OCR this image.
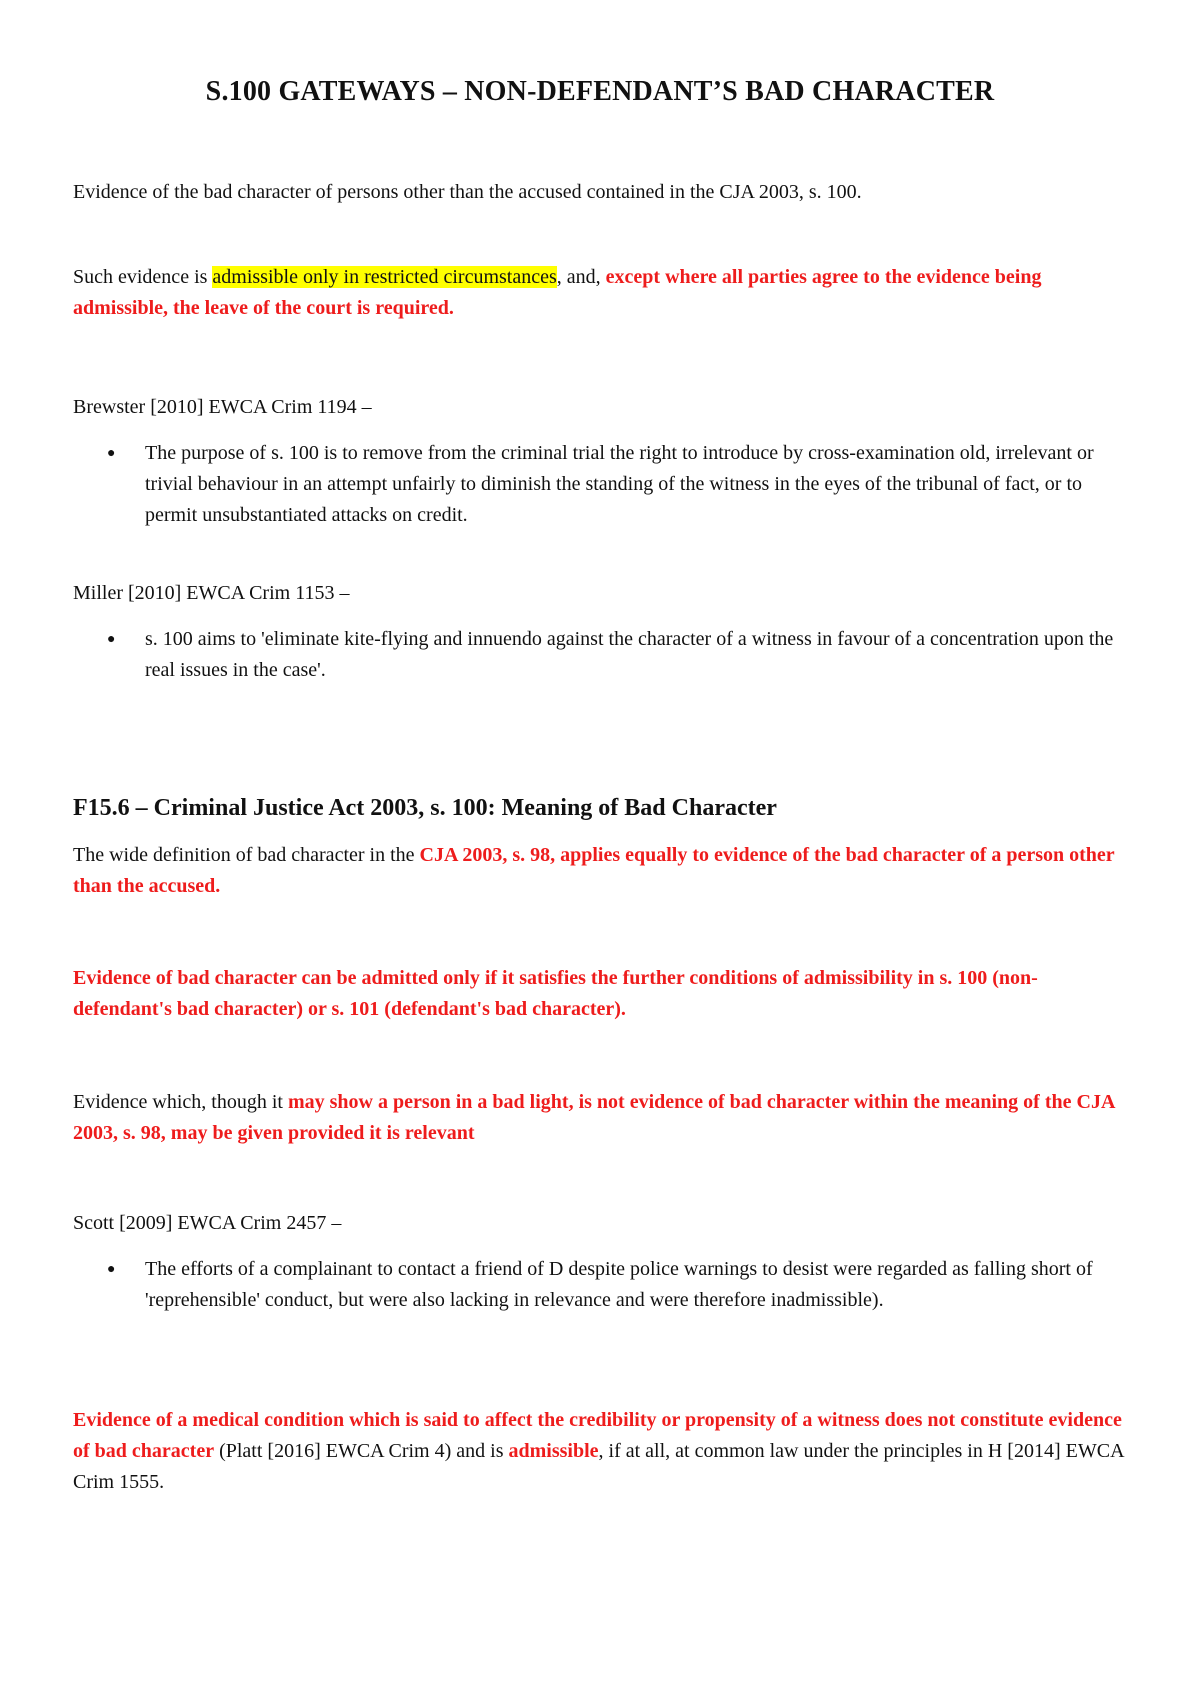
S.100 GATEWAYS – NON-DEFENDANT’S BAD CHARACTER
Evidence of the bad character of persons other than the accused contained in the CJA 2003, s. 100.
Such evidence is admissible only in restricted circumstances, and, except where all parties agree to the evidence being admissible, the leave of the court is required.
Brewster [2010] EWCA Crim 1194 –
● The purpose of s. 100 is to remove from the criminal trial the right to introduce by cross-examination old, irrelevant or trivial behaviour in an attempt unfairly to diminish the standing of the witness in the eyes of the tribunal of fact, or to permit unsubstantiated attacks on credit.
Miller [2010] EWCA Crim 1153 –
● s. 100 aims to 'eliminate kite-flying and innuendo against the character of a witness in favour of a concentration upon the real issues in the case'.
F15.6 – Criminal Justice Act 2003, s. 100: Meaning of Bad Character
The wide definition of bad character in the CJA 2003, s. 98, applies equally to evidence of the bad character of a person other than the accused.
Evidence of bad character can be admitted only if it satisfies the further conditions of admissibility in s. 100 (non-defendant's bad character) or s. 101 (defendant's bad character).
Evidence which, though it may show a person in a bad light, is not evidence of bad character within the meaning of the CJA 2003, s. 98, may be given provided it is relevant
Scott [2009] EWCA Crim 2457 –
● The efforts of a complainant to contact a friend of D despite police warnings to desist were regarded as falling short of 'reprehensible' conduct, but were also lacking in relevance and were therefore inadmissible).
Evidence of a medical condition which is said to affect the credibility or propensity of a witness does not constitute evidence of bad character (Platt [2016] EWCA Crim 4) and is admissible, if at all, at common law under the principles in H [2014] EWCA Crim 1555.
